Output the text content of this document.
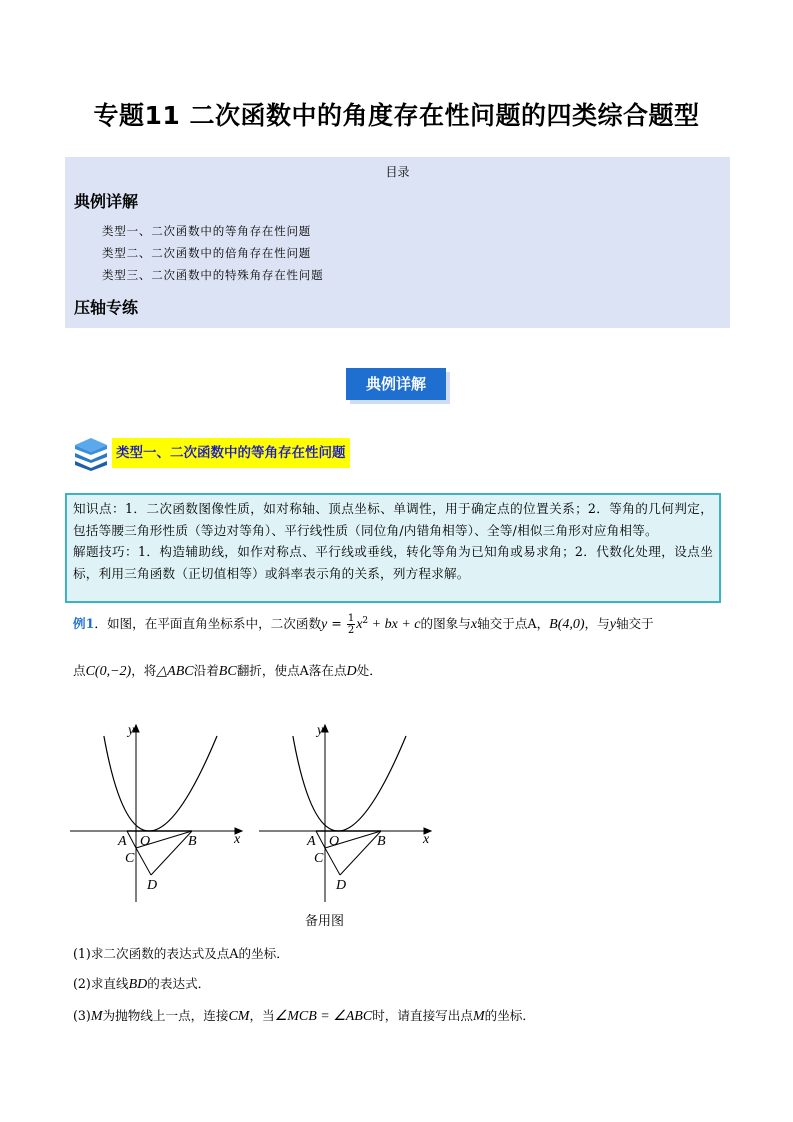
专题11 二次函数中的角度存在性问题的四类综合题型
目录
典例详解
类型一、二次函数中的等角存在性问题
类型二、二次函数中的倍角存在性问题
类型三、二次函数中的特殊角存在性问题
压轴专练
典例详解
类型一、二次函数中的等角存在性问题

知识点：1．二次函数图像性质，如对称轴、顶点坐标、单调性，用于确定点的位置关系；2．等角的几何判定，包括等腰三角形性质（等边对等角）、平行线性质（同位角/内错角相等）、全等/相似三角形对应角相等。

解题技巧：1．构造辅助线，如作对称点、平行线或垂线，转化等角为已知角或易求角；2．代数化处理，设点坐标，利用三角函数（正切值相等）或斜率表示角的关系，列方程求解。

例1．如图，在平面直角坐标系中，二次函数$y = \frac{1}{2} x^2$ + bx + c的图象与x轴交于点A，B(4,0)，与y轴交于
点C(0,−2)，将△ABC沿着BC翻折，使点A落在点D处．
y
x
A O	B
C
D
y
x
A O	B
C
D
备用图
(1)求二次函数的表达式及点A的坐标．
(2)求直线BD的表达式．
(3)M为抛物线上一点，连接CM，当∠MCB = ∠ABC时，请直接写出点M的坐标．
